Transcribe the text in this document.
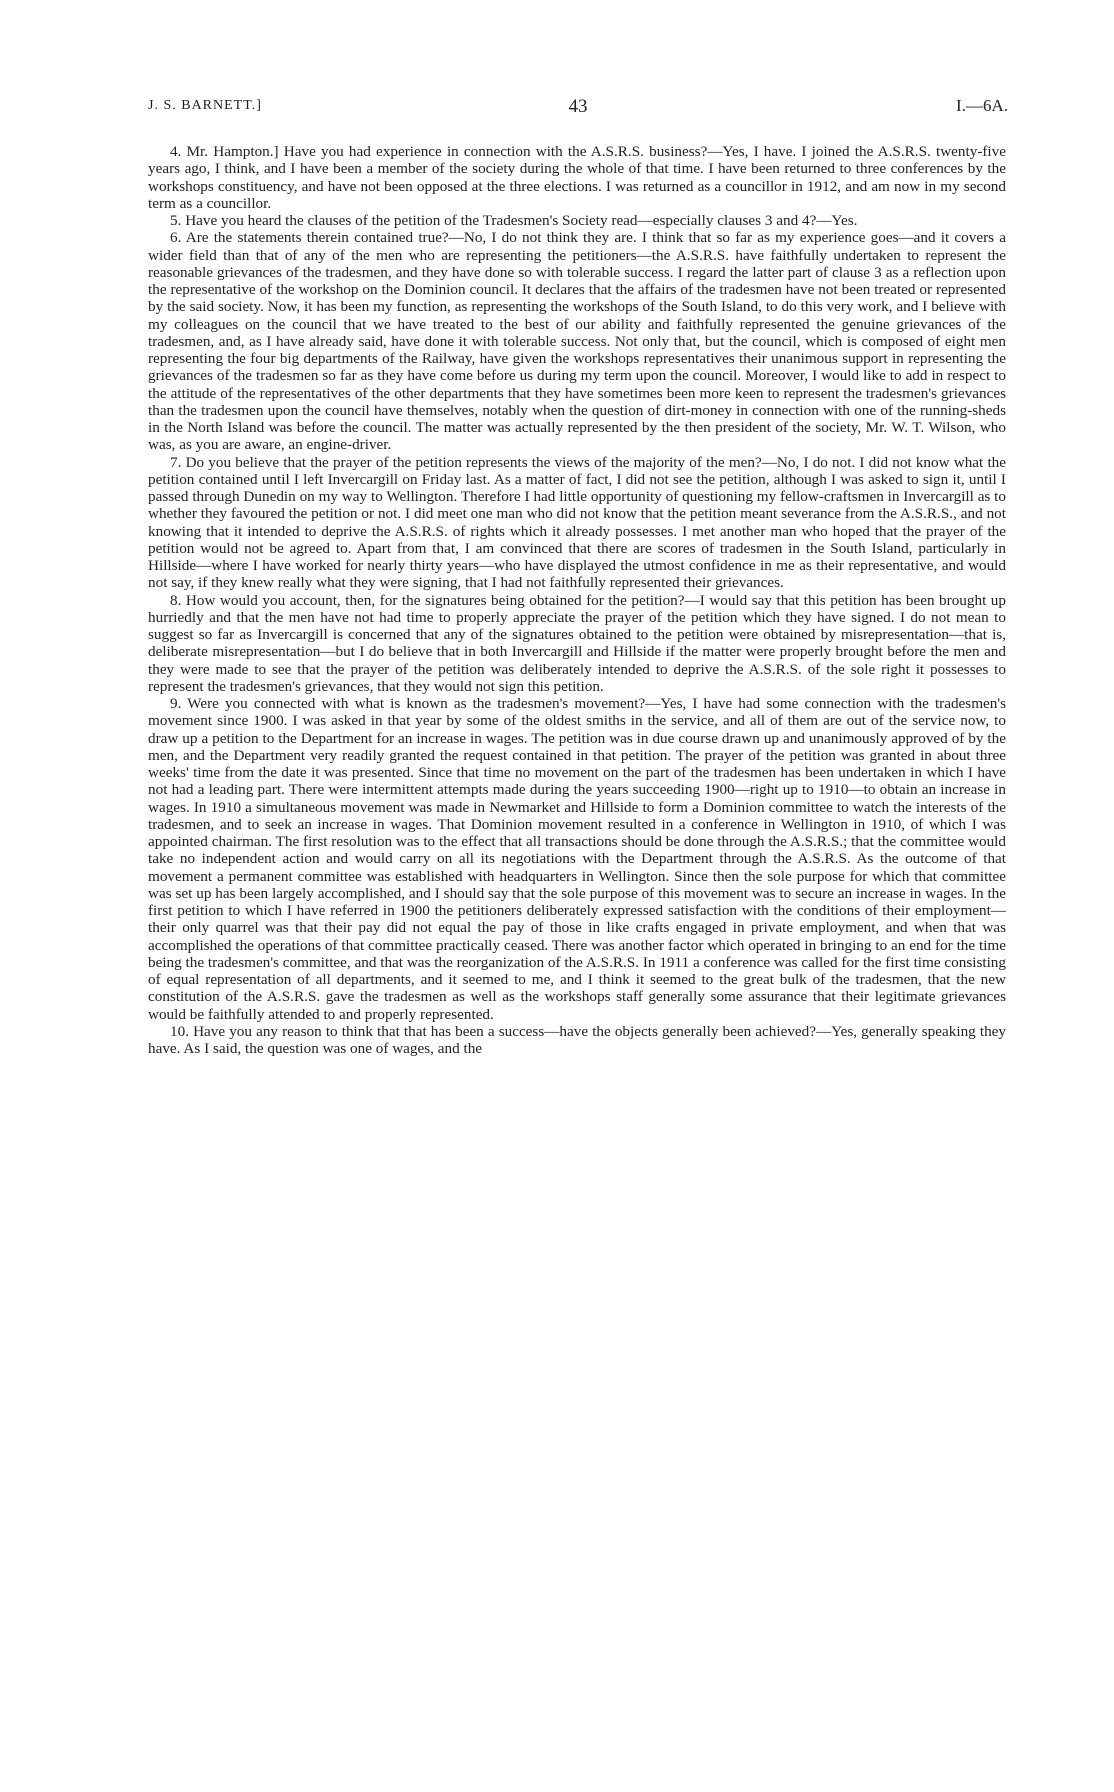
J. S. BARNETT.]	43	I.—6A.

4. Mr. Hampton.] Have you had experience in connection with the A.S.R.S. business?—Yes, I have. I joined the A.S.R.S. twenty-five years ago, I think, and I have been a member of the society during the whole of that time. I have been returned to three conferences by the workshops constituency, and have not been opposed at the three elections. I was returned as a councillor in 1912, and am now in my second term as a councillor.

5. Have you heard the clauses of the petition of the Tradesmen's Society read—especially clauses 3 and 4?—Yes.

6. Are the statements therein contained true?—No, I do not think they are. I think that so far as my experience goes—and it covers a wider field than that of any of the men who are representing the petitioners—the A.S.R.S. have faithfully undertaken to represent the reasonable grievances of the tradesmen, and they have done so with tolerable success. I regard the latter part of clause 3 as a reflection upon the representative of the workshop on the Dominion council. It declares that the affairs of the tradesmen have not been treated or represented by the said society. Now, it has been my function, as representing the workshops of the South Island, to do this very work, and I believe with my colleagues on the council that we have treated to the best of our ability and faithfully represented the genuine grievances of the tradesmen, and, as I have already said, have done it with tolerable success. Not only that, but the council, which is composed of eight men representing the four big departments of the Railway, have given the workshops representatives their unanimous support in representing the grievances of the tradesmen so far as they have come before us during my term upon the council. Moreover, I would like to add in respect to the attitude of the representatives of the other departments that they have sometimes been more keen to represent the tradesmen's grievances than the tradesmen upon the council have themselves, notably when the question of dirt-money in connection with one of the running-sheds in the North Island was before the council. The matter was actually represented by the then president of the society, Mr. W. T. Wilson, who was, as you are aware, an engine-driver.

7. Do you believe that the prayer of the petition represents the views of the majority of the men?—No, I do not. I did not know what the petition contained until I left Invercargill on Friday last. As a matter of fact, I did not see the petition, although I was asked to sign it, until I passed through Dunedin on my way to Wellington. Therefore I had little opportunity of questioning my fellow-craftsmen in Invercargill as to whether they favoured the petition or not. I did meet one man who did not know that the petition meant severance from the A.S.R.S., and not knowing that it intended to deprive the A.S.R.S. of rights which it already possesses. I met another man who hoped that the prayer of the petition would not be agreed to. Apart from that, I am convinced that there are scores of tradesmen in the South Island, particularly in Hillside—where I have worked for nearly thirty years—who have displayed the utmost confidence in me as their representative, and would not say, if they knew really what they were signing, that I had not faithfully represented their grievances.

8. How would you account, then, for the signatures being obtained for the petition?—I would say that this petition has been brought up hurriedly and that the men have not had time to properly appreciate the prayer of the petition which they have signed. I do not mean to suggest so far as Invercargill is concerned that any of the signatures obtained to the petition were obtained by misrepresentation—that is, deliberate misrepresentation—but I do believe that in both Invercargill and Hillside if the matter were properly brought before the men and they were made to see that the prayer of the petition was deliberately intended to deprive the A.S.R.S. of the sole right it possesses to represent the tradesmen's grievances, that they would not sign this petition.

9. Were you connected with what is known as the tradesmen's movement?—Yes, I have had some connection with the tradesmen's movement since 1900. I was asked in that year by some of the oldest smiths in the service, and all of them are out of the service now, to draw up a petition to the Department for an increase in wages. The petition was in due course drawn up and unanimously approved of by the men, and the Department very readily granted the request contained in that petition. The prayer of the petition was granted in about three weeks' time from the date it was presented. Since that time no movement on the part of the tradesmen has been undertaken in which I have not had a leading part. There were intermittent attempts made during the years succeeding 1900—right up to 1910—to obtain an increase in wages. In 1910 a simultaneous movement was made in Newmarket and Hillside to form a Dominion committee to watch the interests of the tradesmen, and to seek an increase in wages. That Dominion movement resulted in a conference in Wellington in 1910, of which I was appointed chairman. The first resolution was to the effect that all transactions should be done through the A.S.R.S.; that the committee would take no independent action and would carry on all its negotiations with the Department through the A.S.R.S. As the outcome of that movement a permanent committee was established with headquarters in Wellington. Since then the sole purpose for which that committee was set up has been largely accomplished, and I should say that the sole purpose of this movement was to secure an increase in wages. In the first petition to which I have referred in 1900 the petitioners deliberately expressed satisfaction with the conditions of their employment—their only quarrel was that their pay did not equal the pay of those in like crafts engaged in private employment, and when that was accomplished the operations of that committee practically ceased. There was another factor which operated in bringing to an end for the time being the tradesmen's committee, and that was the reorganization of the A.S.R.S. In 1911 a conference was called for the first time consisting of equal representation of all departments, and it seemed to me, and I think it seemed to the great bulk of the tradesmen, that the new constitution of the A.S.R.S. gave the tradesmen as well as the workshops staff generally some assurance that their legitimate grievances would be faithfully attended to and properly represented.

10. Have you any reason to think that that has been a success—have the objects generally been achieved?—Yes, generally speaking they have. As I said, the question was one of wages, and the
